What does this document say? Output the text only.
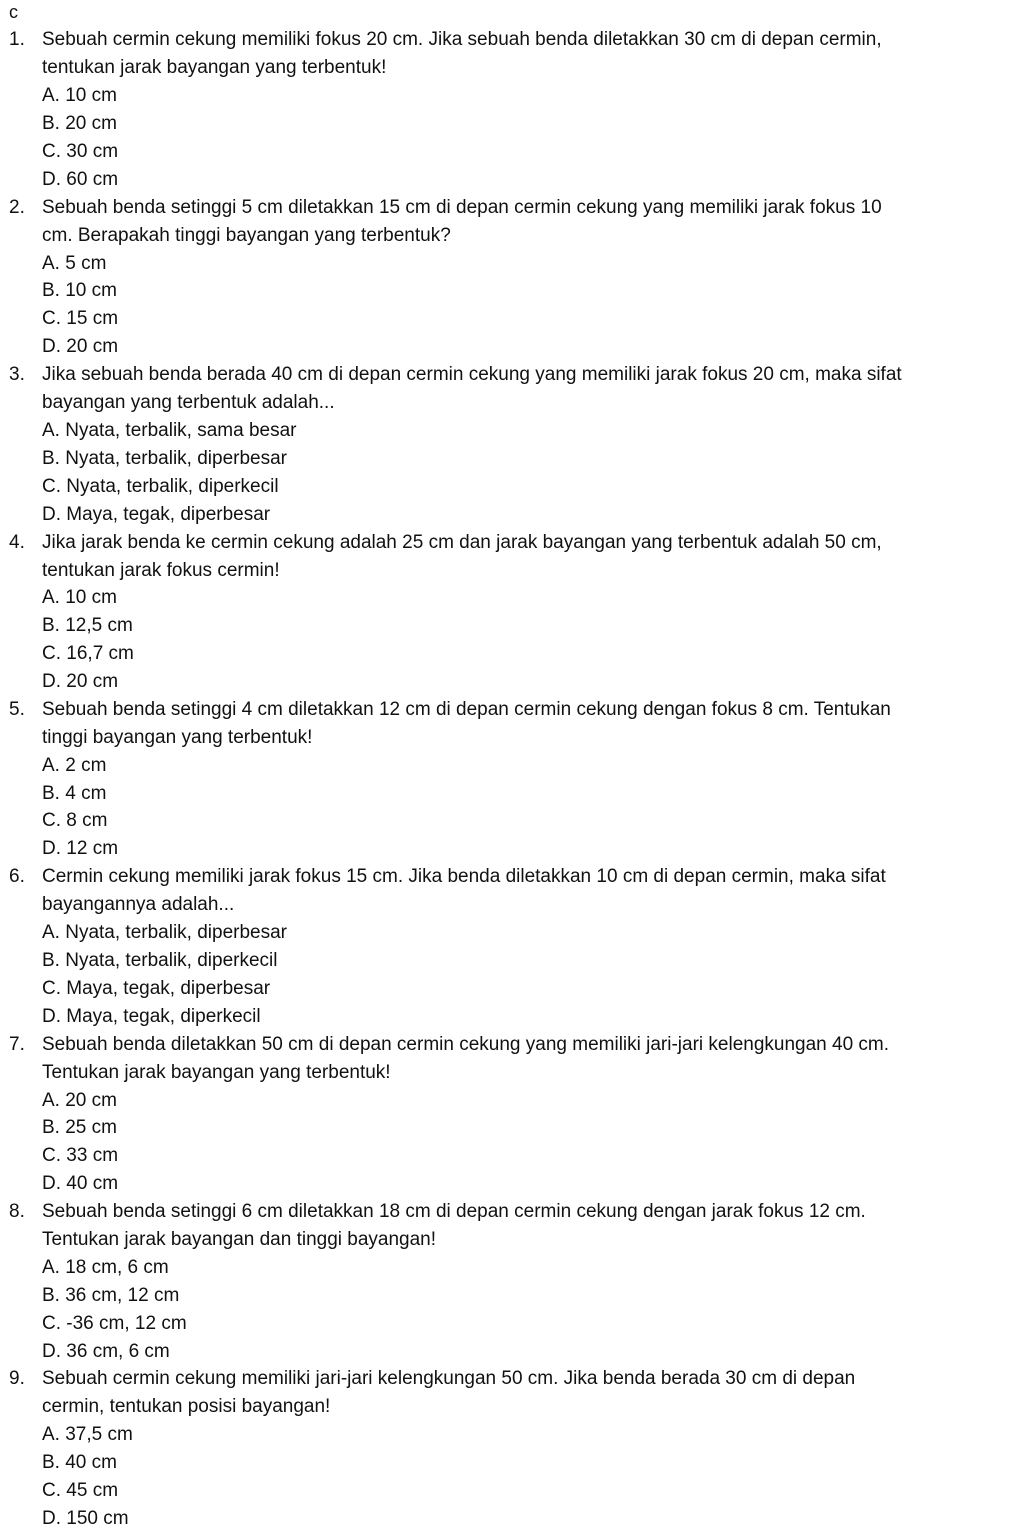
c
1. Sebuah cermin cekung memiliki fokus 20 cm. Jika sebuah benda diletakkan 30 cm di depan cermin,
tentukan jarak bayangan yang terbentuk!
A. 10 cm
B. 20 cm
C. 30 cm
D. 60 cm
2. Sebuah benda setinggi 5 cm diletakkan 15 cm di depan cermin cekung yang memiliki jarak fokus 10
cm. Berapakah tinggi bayangan yang terbentuk?
A. 5 cm
B. 10 cm
C. 15 cm
D. 20 cm
3. Jika sebuah benda berada 40 cm di depan cermin cekung yang memiliki jarak fokus 20 cm, maka sifat
bayangan yang terbentuk adalah...
A. Nyata, terbalik, sama besar
B. Nyata, terbalik, diperbesar
C. Nyata, terbalik, diperkecil
D. Maya, tegak, diperbesar
4. Jika jarak benda ke cermin cekung adalah 25 cm dan jarak bayangan yang terbentuk adalah 50 cm,
tentukan jarak fokus cermin!
A. 10 cm
B. 12,5 cm
C. 16,7 cm
D. 20 cm
5. Sebuah benda setinggi 4 cm diletakkan 12 cm di depan cermin cekung dengan fokus 8 cm. Tentukan
tinggi bayangan yang terbentuk!
A. 2 cm
B. 4 cm
C. 8 cm
D. 12 cm
6. Cermin cekung memiliki jarak fokus 15 cm. Jika benda diletakkan 10 cm di depan cermin, maka sifat
bayangannya adalah...
A. Nyata, terbalik, diperbesar
B. Nyata, terbalik, diperkecil
C. Maya, tegak, diperbesar
D. Maya, tegak, diperkecil
7. Sebuah benda diletakkan 50 cm di depan cermin cekung yang memiliki jari-jari kelengkungan 40 cm.
Tentukan jarak bayangan yang terbentuk!
A. 20 cm
B. 25 cm
C. 33 cm
D. 40 cm
8. Sebuah benda setinggi 6 cm diletakkan 18 cm di depan cermin cekung dengan jarak fokus 12 cm.
Tentukan jarak bayangan dan tinggi bayangan!
A. 18 cm, 6 cm
B. 36 cm, 12 cm
C. -36 cm, 12 cm
D. 36 cm, 6 cm
9. Sebuah cermin cekung memiliki jari-jari kelengkungan 50 cm. Jika benda berada 30 cm di depan
cermin, tentukan posisi bayangan!
A. 37,5 cm
B. 40 cm
C. 45 cm
D. 150 cm
